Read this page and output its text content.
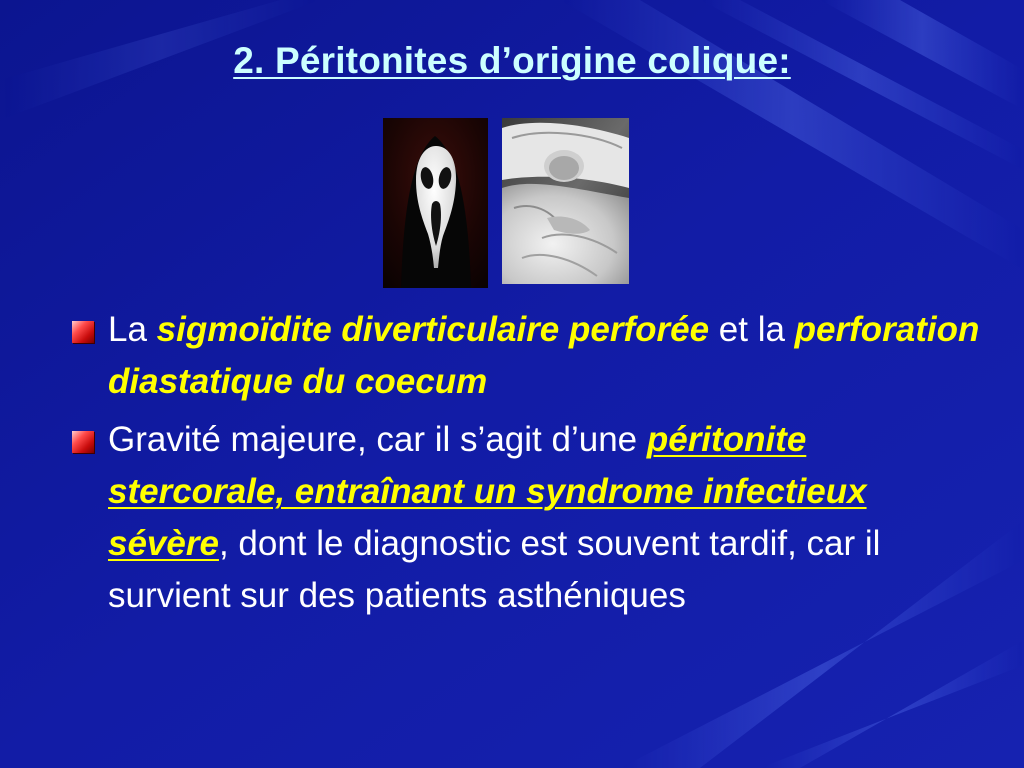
2. Péritonites d’origine colique:
La sigmoïdite diverticulaire perforée et la perforation diastatique du coecum
Gravité majeure, car il s’agit d’une péritonite stercorale, entraînant un syndrome infectieux sévère, dont le diagnostic est souvent tardif, car il survient sur des patients asthéniques
